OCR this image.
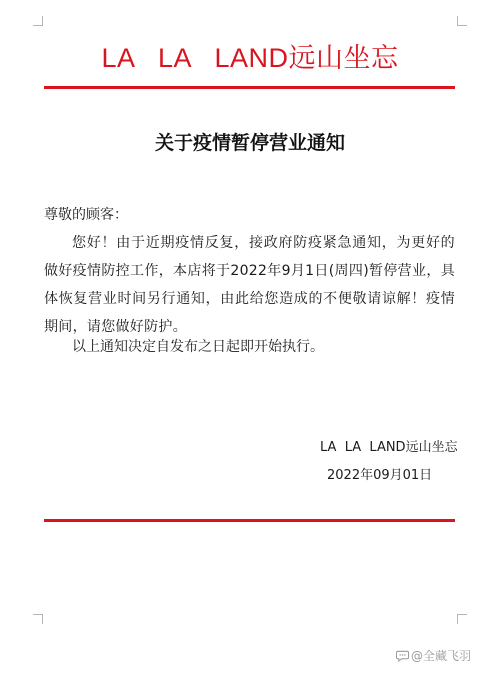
LA  LA  LAND远山坐忘
关于疫情暂停营业通知
尊敬的顾客：
您好！由于近期疫情反复，接政府防疫紧急通知，为更好的做好疫情防控工作，本店将于2022年9月1日(周四)暂停营业，具体恢复营业时间另行通知，由此给您造成的不便敬请谅解！疫情期间，请您做好防护。
以上通知决定自发布之日起即开始执行。
LA  LA  LAND远山坐忘
2022年09月01日
@全藏飞羽
